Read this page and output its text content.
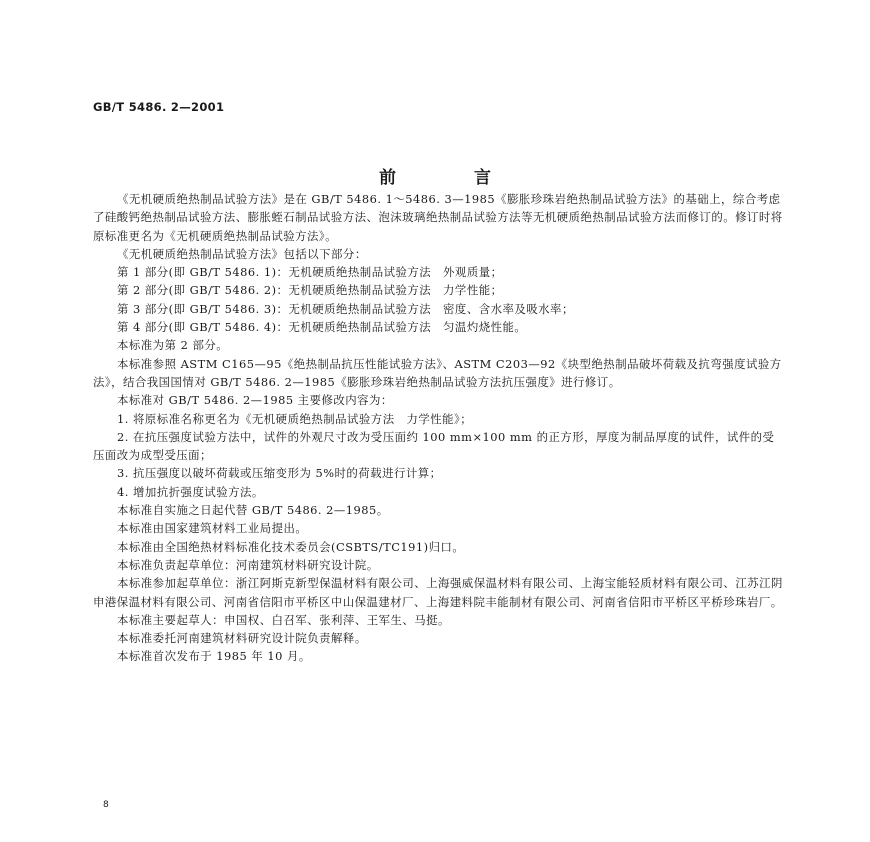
GB/T 5486. 2—2001
前 言

《无机硬质绝热制品试验方法》是在 GB/T 5486. 1～5486. 3—1985《膨胀珍珠岩绝热制品试验方法》的基础上，综合考虑了硅酸钙绝热制品试验方法、膨胀蛭石制品试验方法、泡沫玻璃绝热制品试验方法等无机硬质绝热制品试验方法而修订的。修订时将原标准更名为《无机硬质绝热制品试验方法》。

《无机硬质绝热制品试验方法》包括以下部分：

第 1 部分(即 GB/T 5486. 1)：无机硬质绝热制品试验方法　外观质量；

第 2 部分(即 GB/T 5486. 2)：无机硬质绝热制品试验方法　力学性能；

第 3 部分(即 GB/T 5486. 3)：无机硬质绝热制品试验方法　密度、含水率及吸水率；

第 4 部分(即 GB/T 5486. 4)：无机硬质绝热制品试验方法　匀温灼烧性能。

本标准为第 2 部分。

本标准参照 ASTM C165—95《绝热制品抗压性能试验方法》、ASTM C203—92《块型绝热制品破坏荷载及抗弯强度试验方法》，结合我国国情对 GB/T 5486. 2—1985《膨胀珍珠岩绝热制品试验方法抗压强度》进行修订。

本标准对 GB/T 5486. 2—1985 主要修改内容为：

1. 将原标准名称更名为《无机硬质绝热制品试验方法　力学性能》；

2. 在抗压强度试验方法中，试件的外观尺寸改为受压面约 100 mm×100 mm 的正方形，厚度为制品厚度的试件，试件的受压面改为成型受压面；

3. 抗压强度以破坏荷载或压缩变形为 5%时的荷载进行计算；

4. 增加抗折强度试验方法。

本标准自实施之日起代替 GB/T 5486. 2—1985。

本标准由国家建筑材料工业局提出。

本标准由全国绝热材料标准化技术委员会(CSBTS/TC191)归口。

本标准负责起草单位：河南建筑材料研究设计院。

本标准参加起草单位：浙江阿斯克新型保温材料有限公司、上海强威保温材料有限公司、上海宝能轻质材料有限公司、江苏江阴申港保温材料有限公司、河南省信阳市平桥区中山保温建材厂、上海建料院丰能制材有限公司、河南省信阳市平桥区平桥珍珠岩厂。

本标准主要起草人：申国权、白召军、张利萍、王军生、马挺。

本标准委托河南建筑材料研究设计院负责解释。

本标准首次发布于 1985 年 10 月。

8
